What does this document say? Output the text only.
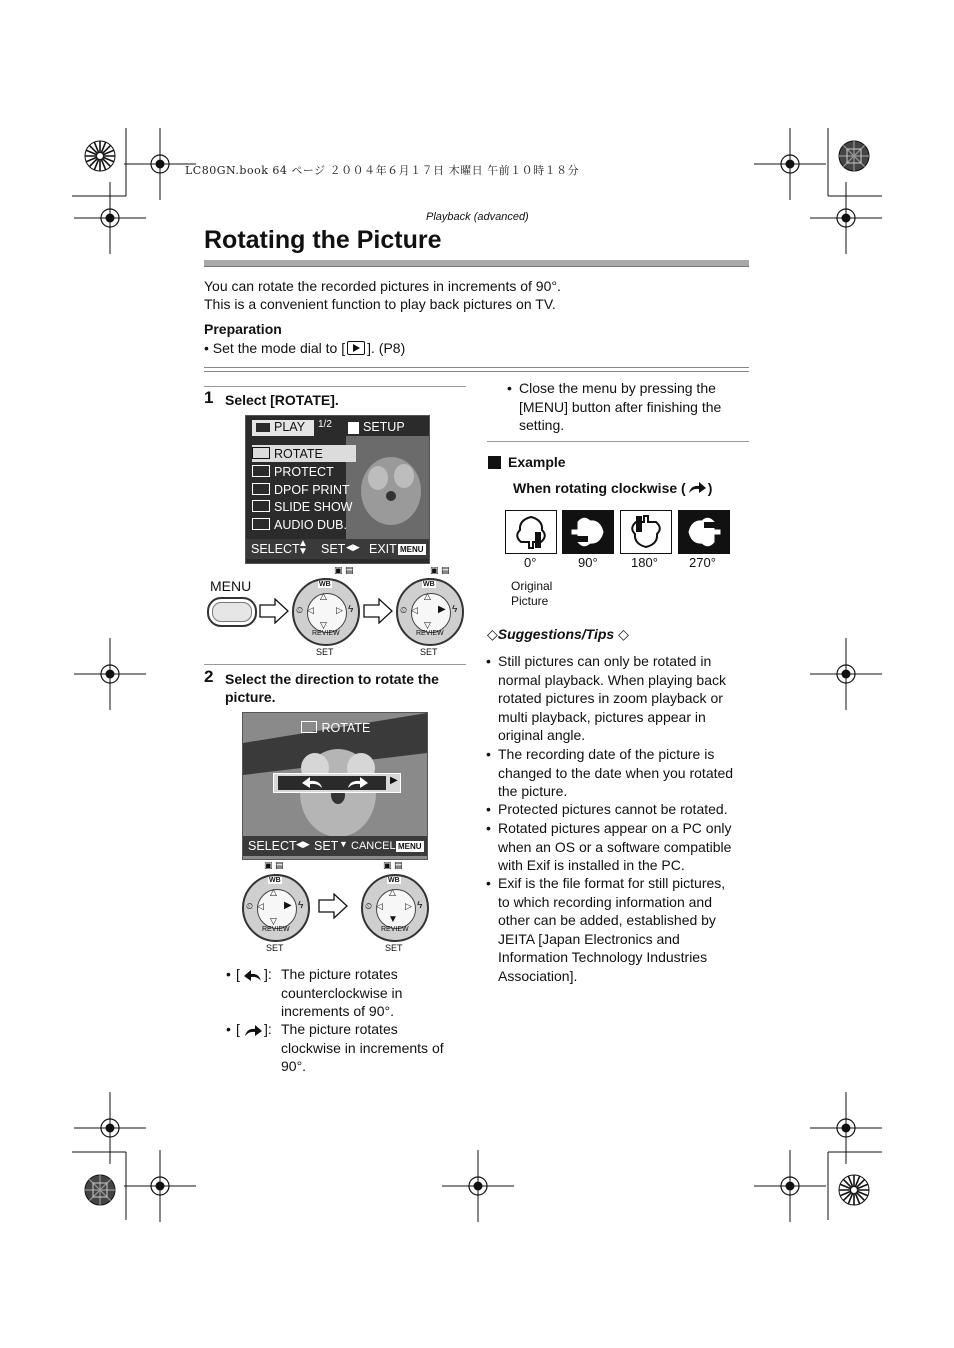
LC80GN.book 64 ページ ２００４年６月１７日 木曜日 午前１０時１８分
Playback (advanced)
Rotating the Picture
You can rotate the recorded pictures in increments of 90°.
This is a convenient function to play back pictures on TV.
Preparation
• Set the mode dial to [ ]. (P8)
1 Select [ROTATE].
PLAY 1/2 SETUP
ROTATE
PROTECT
DPOF PRINT
SLIDE SHOW
AUDIO DUB.
SELECT
▲
▼ SET ◀▶ EXIT MENU
MENU	WB
△
▽
◁ ▷
⏲	ϟ
REVIEW
▣ ▤
SET
WB
△
▽
◁ ▶
⏲	ϟ
REVIEW
▣ ▤
SET
2 Select the direction to rotate the
picture.
ROTATE
▶
SELECT ◀▶ SET ▼ CANCEL MENU
WB
△
▽
◁ ▶
⏲	ϟ
REVIEW
▣ ▤
SET
WB
△
▼
◁ ▷
⏲	ϟ
REVIEW
▣ ▤
SET
• [ ]: The picture rotates
counterclockwise in
increments of 90°.
• [ ]: The picture rotates
clockwise in increments of
90°.
• Close the menu by pressing the
[MENU] button after finishing the
setting.
Example
When rotating clockwise ( )
0°	90°	180° 270°
Original
Picture
◇Suggestions/Tips ◇
• Still pictures can only be rotated in
normal playback. When playing back
rotated pictures in zoom playback or
multi playback, pictures appear in
original angle.
• The recording date of the picture is
changed to the date when you rotated
the picture.
• Protected pictures cannot be rotated.
• Rotated pictures appear on a PC only
when an OS or a software compatible
with Exif is installed in the PC.
• Exif is the file format for still pictures,
to which recording information and
other can be added, established by
JEITA [Japan Electronics and
Information Technology Industries
Association].
